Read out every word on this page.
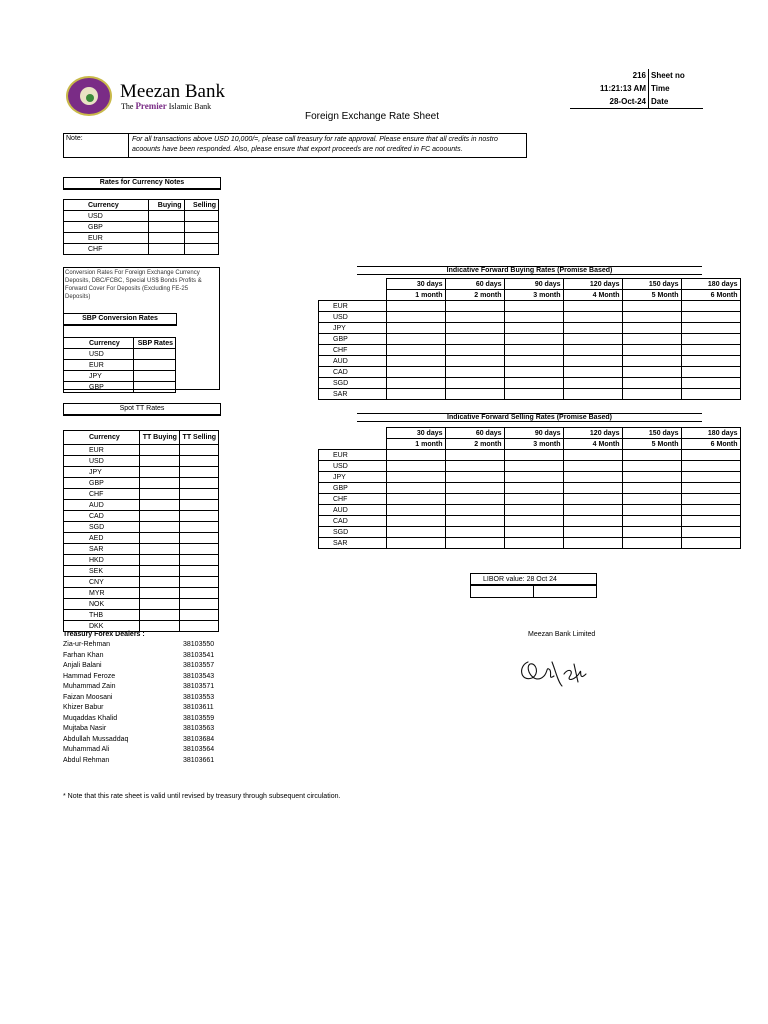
Meezan Bank
The Premier Islamic Bank
Foreign Exchange Rate Sheet
216	Sheet no
11:21:13 AM	Time
28-Oct-24	Date
Note:	For all transactions above USD 10,000/=, please call treasury for rate approval. Please ensure that all credits in nostro acoounts have been responded. Also, please ensure that export proceeds are not credited in FC acoounts.
Rates for Currency Notes
Currency	Buying	Selling
USD		
GBP		
EUR		
CHF		
Conversion Rates For Foreign Exchange Currency Deposits, DBC/FCBC, Special US$ Bonds Profits & Forward Cover For Deposits (Excluding FE-25 Deposits)
SBP Conversion Rates
Currency	SBP Rates
USD	
EUR	
JPY	
GBP	
Spot TT Rates
Currency	TT Buying	TT Selling
EUR		
USD		
JPY		
GBP		
CHF		
AUD		
CAD		
SGD		
AED		
SAR		
HKD		
SEK		
CNY		
MYR		
NOK		
THB		
DKK		
Indicative Forward Buying Rates (Promise Based)
	30 days	60 days	90 days	120 days	150 days	180 days
	1 month	2 month	3 month	4 Month	5 Month	6 Month
EUR						
USD						
JPY						
GBP						
CHF						
AUD						
CAD						
SGD						
SAR						
Indicative Forward Selling Rates (Promise Based)
	30 days	60 days	90 days	120 days	150 days	180 days
	1 month	2 month	3 month	4 Month	5 Month	6 Month
EUR						
USD						
JPY						
GBP						
CHF						
AUD						
CAD						
SGD						
SAR						
LIBOR value: 28 Oct 24

Treasury Forex Dealers :
Zia-ur-Rehman	38103550
Farhan Khan	38103541
Anjali Balani	38103557
Hammad Feroze	38103543
Muhammad Zain	38103571
Faizan Moosani	38103553
Khizer Babur	38103611
Muqaddas Khalid	38103559
Mujtaba Nasir	38103563
Abdullah Mussaddaq	38103684
Muhammad Ali	38103564
Abdul Rehman	38103661
Meezan Bank Limited
* Note that this rate sheet is valid until revised by treasury through subsequent circulation.
